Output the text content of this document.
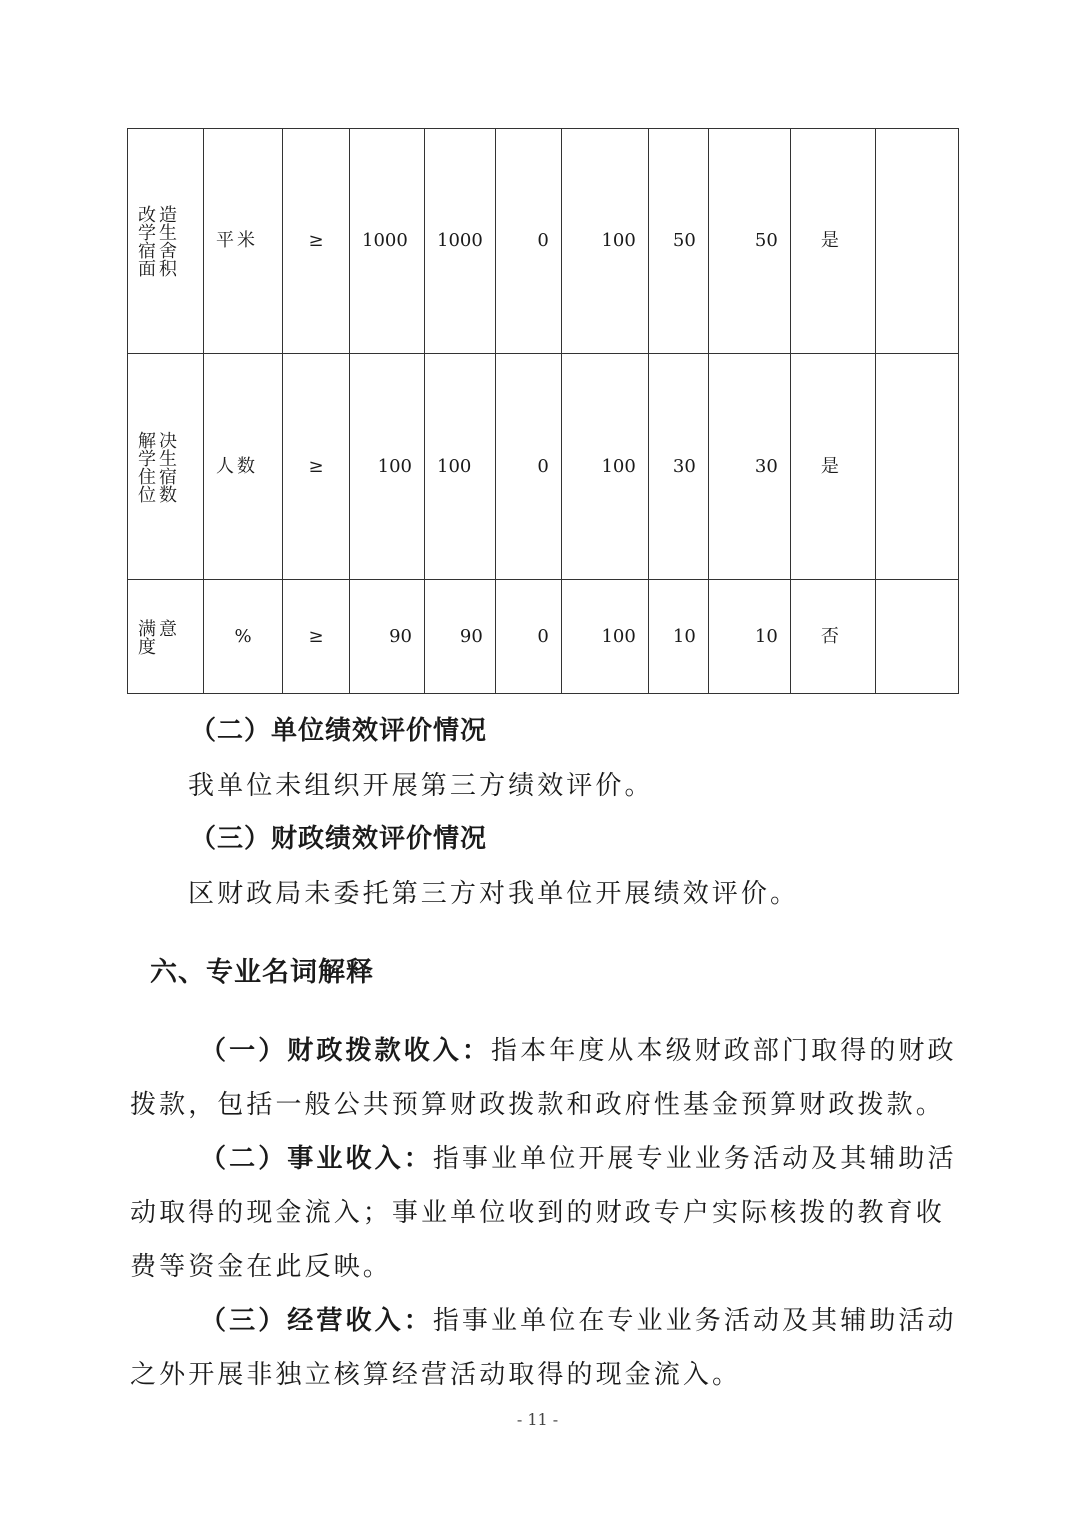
改造
学生
宿舍
面积	平米	≥	1000	1000	0	100	50	50	是	

解决
学生
住宿
位数	人数	≥	100	100	0	100	30	30	是	

满意
度	%	≥	90	90	0	100	10	10	否	
（二）单位绩效评价情况
我单位未组织开展第三方绩效评价。
（三）财政绩效评价情况
区财政局未委托第三方对我单位开展绩效评价。
六、专业名词解释
（一）财政拨款收入：指本年度从本级财政部门取得的财政
拨款，包括一般公共预算财政拨款和政府性基金预算财政拨款。
（二）事业收入：指事业单位开展专业业务活动及其辅助活
动取得的现金流入；事业单位收到的财政专户实际核拨的教育收
费等资金在此反映。
（三）经营收入：指事业单位在专业业务活动及其辅助活动
之外开展非独立核算经营活动取得的现金流入。
- 11 -
